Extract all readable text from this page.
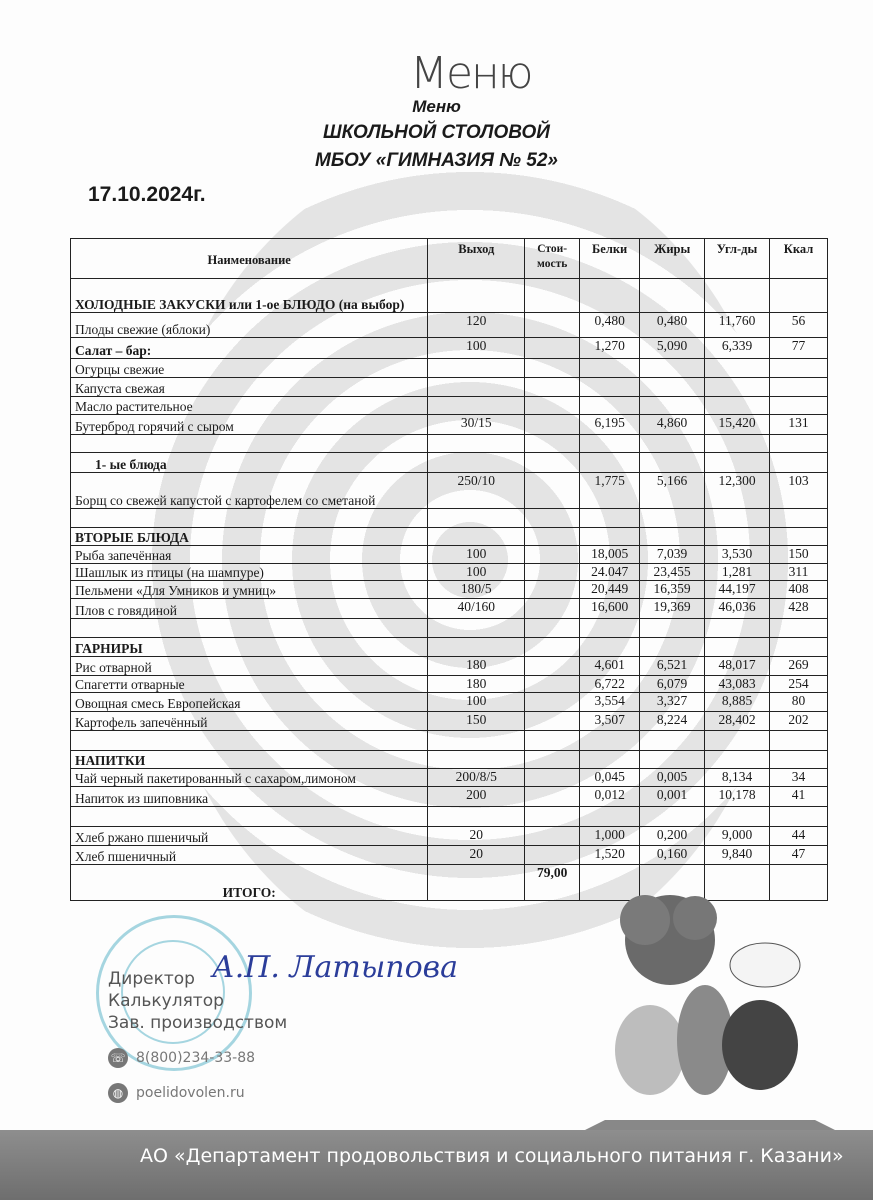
Меню
Меню
ШКОЛЬНОЙ СТОЛОВОЙ
МБОУ «ГИМНАЗИЯ № 52»
17.10.2024г.
Наименование	Выход	Стои-мость	Белки	Жиры	Угл-ды	Ккал
ХОЛОДНЫЕ ЗАКУСКИ или 1-ое БЛЮДО (на выбор)						
Плоды свежие (яблоки)	120		0,480	0,480	11,760	56
Салат – бар:	100		1,270	5,090	6,339	77
Огурцы свежие						
Капуста свежая						
Масло растительное						
Бутерброд горячий с сыром	30/15		6,195	4,860	15,420	131

1- ые блюда						
Борщ со свежей капустой с картофелем со сметаной	250/10		1,775	5,166	12,300	103

ВТОРЫЕ БЛЮДА						
Рыба запечённая	100		18,005	7,039	3,530	150
Шашлык из птицы (на шампуре)	100		24.047	23,455	1,281	311
Пельмени «Для Умников и умниц»	180/5		20,449	16,359	44,197	408
Плов с говядиной	40/160		16,600	19,369	46,036	428

ГАРНИРЫ						
Рис отварной	180		4,601	6,521	48,017	269
Спагетти отварные	180		6,722	6,079	43,083	254
Овощная смесь Европейская	100		3,554	3,327	8,885	80
Картофель запечённый	150		3,507	8,224	28,402	202

НАПИТКИ						
Чай черный пакетированный с сахаром,лимоном	200/8/5		0,045	0,005	8,134	34
Напиток из шиповника	200		0,012	0,001	10,178	41

Хлеб ржано пшеничый	20		1,000	0,200	9,000	44
Хлеб пшеничный	20		1,520	0,160	9,840	47
ИТОГО:		79,00				
Директор
Калькулятор
Зав. производством
А.П. Латыпова
☏ 8(800)234-33-88
◍ poelidovolen.ru
АО «Департамент продовольствия и социального питания г. Казани»
